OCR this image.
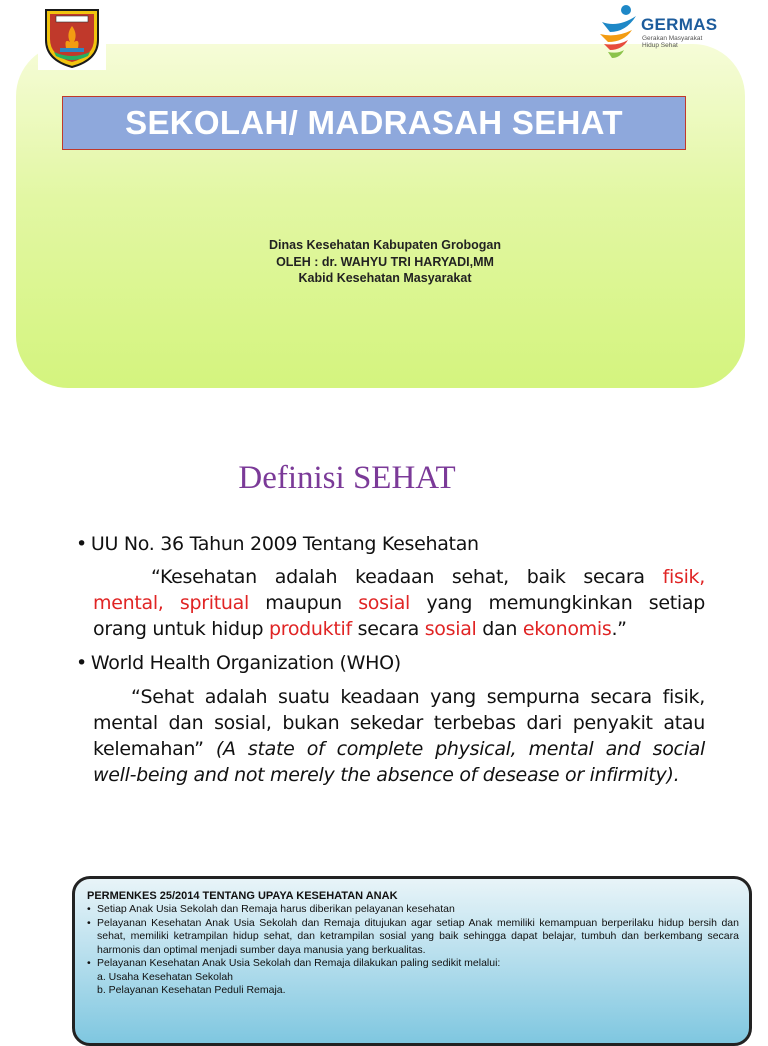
GERMAS
Gerakan Masyarakat
Hidup Sehat
SEKOLAH/ MADRASAH SEHAT
Dinas Kesehatan Kabupaten Grobogan
OLEH : dr. WAHYU TRI HARYADI,MM
Kabid Kesehatan Masyarakat
Definisi SEHAT
• UU No. 36 Tahun 2009 Tentang Kesehatan
“Kesehatan adalah keadaan sehat, baik secara fisik,
mental, spritual maupun sosial yang memungkinkan setiap
orang untuk hidup produktif secara sosial dan ekonomis.”
• World Health Organization (WHO)
“Sehat adalah suatu keadaan yang sempurna secara fisik,
mental dan sosial, bukan sekedar terbebas dari penyakit atau
kelemahan” (A state of complete physical, mental and social
well-being and not merely the absence of desease or infirmity).
PERMENKES 25/2014 TENTANG UPAYA KESEHATAN ANAK
• Setiap Anak Usia Sekolah dan Remaja harus diberikan pelayanan kesehatan
• Pelayanan Kesehatan Anak Usia Sekolah dan Remaja ditujukan agar setiap Anak memiliki kemampuan berperilaku hidup bersih dan sehat, memiliki ketrampilan hidup sehat, dan ketrampilan sosial yang baik sehingga dapat belajar, tumbuh dan berkembang secara harmonis dan optimal menjadi sumber daya manusia yang berkualitas.
• Pelayanan Kesehatan Anak Usia Sekolah dan Remaja dilakukan paling sedikit melalui:
a. Usaha Kesehatan Sekolah
b. Pelayanan Kesehatan Peduli Remaja.
